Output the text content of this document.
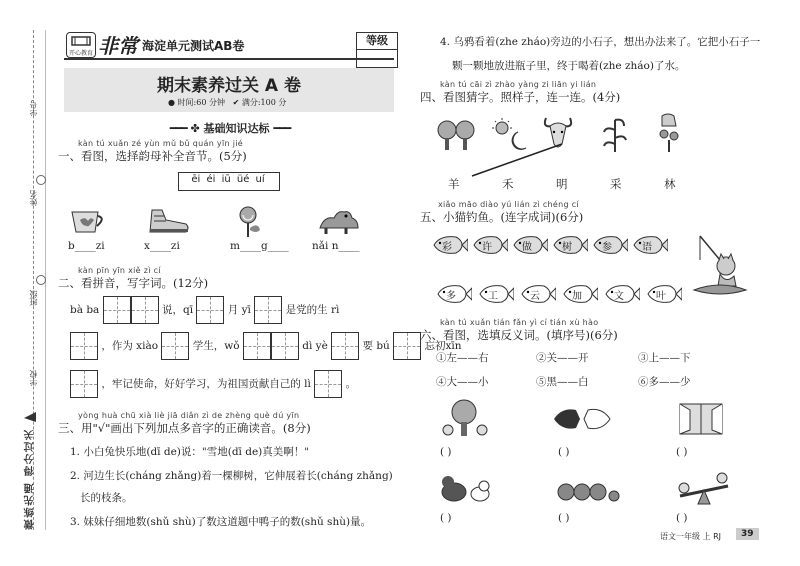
学号
姓名
班级
学校
微练先通 得分过关
开心教育 非常 海淀单元测试AB卷	等级
期末素养过关 A 卷
● 时间:60 分钟 ✔ 满分:100 分
━━━ ✤ 基础知识达标 ━━━
kàn tú xuǎn zé yùn mǔ bǔ quán yīn jié
一、看图，选择韵母补全音节。(5分)
ēi éi iū üé uí
b____zi	x____zi	m____g____ nǎi n____
kàn pīn yīn xiě zì cí
二、看拼音，写字词。(12分)
bà ba	说，qī	月 yī	是党的生 rì
，作为 xiào	学生，wǒ	dì yè	要 bú	忘初xīn
，牢记使命，好好学习，为祖国贡献自己的 lì	。
yòng huà chū xià liè jiā diǎn zì de zhèng què dú yīn
三、用"√"画出下列加点多音字的正确读音。(8分)
1. 小白兔快乐地(dī de)说："雪地(dī de)真美啊！"
2. 河边生长(cháng zhǎng)着一棵柳树，它伸展着长(cháng zhǎng)
长的枝条。
3. 妹妹仔细地数(shǔ shù)了数这道题中鸭子的数(shǔ shù)量。
4. 乌鸦看着(zhe zháo)旁边的小石子，想出办法来了。它把小石子一
颗一颗地放进瓶子里，终于喝着(zhe zháo)了水。
kàn tú cāi zì zhào yàng zi liān yi lián
四、看图猜字。照样子，连一连。(4分)
羊	禾	明	采	林
xiǎo māo diào yú lián zì chéng cí
五、小猫钓鱼。(连字成词)(6分)
彩	许	做	树	参	语
多	工	云	加	文	叶
kàn tú xuǎn tián fǎn yì cí tián xù hào
六、看图，选填反义词。(填序号)(6分)
①左——右	②关——开	③上——下
④大——小	⑤黑——白	⑥多——少
( )	( )	( )
( )	( )	( )
语文一年级 上 RJ	39
